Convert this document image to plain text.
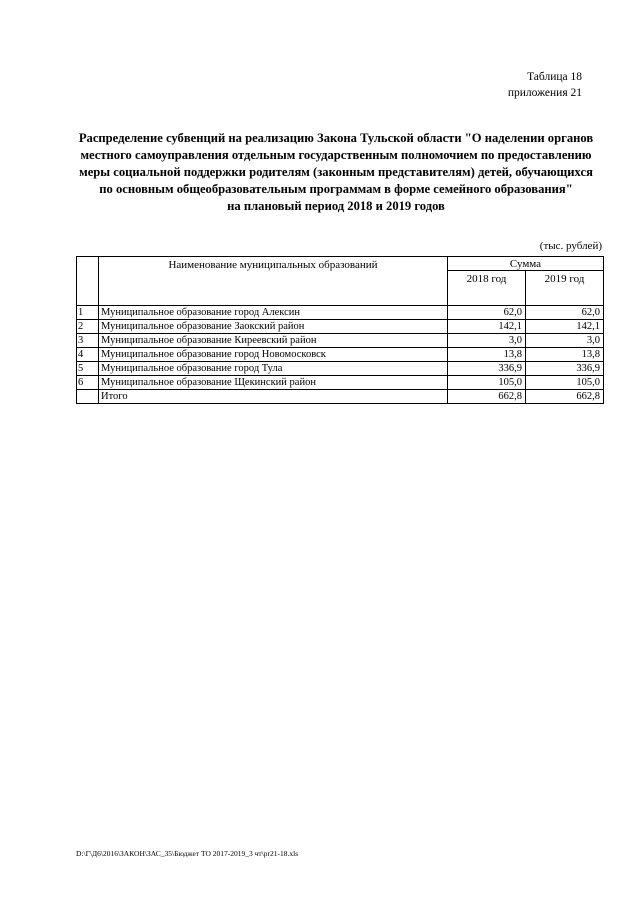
Таблица 18
приложения 21
Распределение субвенций на реализацию Закона Тульской области "О наделении органов
местного самоуправления отдельным государственным полномочием по предоставлению
меры социальной поддержки родителям (законным представителям) детей, обучающихся
по основным общеобразовательным программам в форме семейного образования"
на плановый период 2018 и 2019 годов
(тыс. рублей)
	Наименование муниципальных образований	Сумма	
		2018 год	2019 год
1	Муниципальное образование город Алексин	62,0	62,0
2	Муниципальное образование Заокский район	142,1	142,1
3	Муниципальное образование Киреевский район	3,0	3,0
4	Муниципальное образование город Новомосковск	13,8	13,8
5	Муниципальное образование город Тула	336,9	336,9
6	Муниципальное образование Щекинский район	105,0	105,0
	Итого	662,8	662,8
D:\Г\Д6\2016\ЗАКОН\ЗАС_35\Бюджет ТО 2017-2019_3 чт\pr21-18.xls
